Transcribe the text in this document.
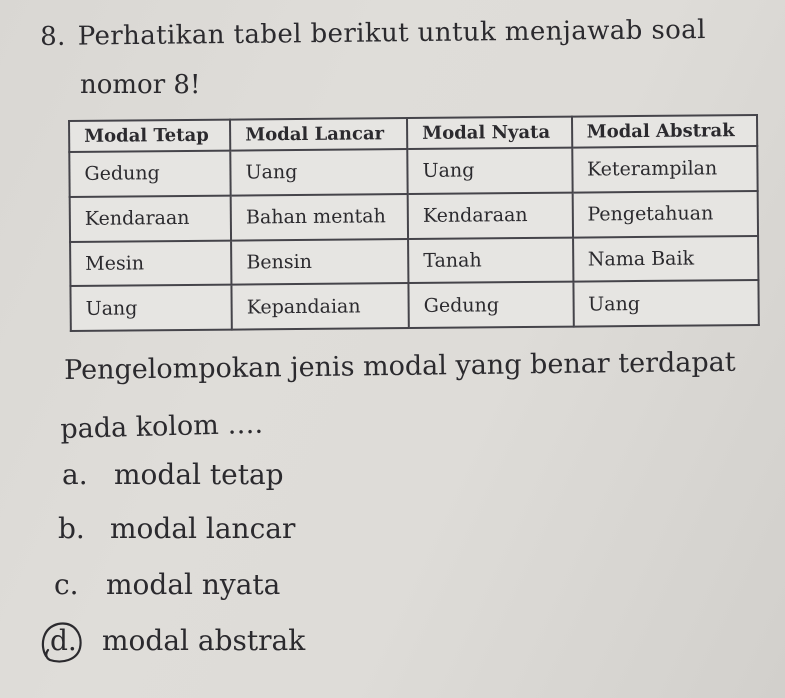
8. Perhatikan tabel berikut untuk menjawab soal
nomor 8!
Modal Tetap	Modal Lancar	Modal Nyata	Modal Abstrak
Gedung	Uang	Uang	Keterampilan
Kendaraan	Bahan mentah	Kendaraan	Pengetahuan
Mesin	Bensin	Tanah	Nama Baik
Uang	Kepandaian	Gedung	Uang
Pengelompokan jenis modal yang benar terdapat
pada kolom ….
a. modal tetap
b. modal lancar
c. modal nyata
d. modal abstrak
